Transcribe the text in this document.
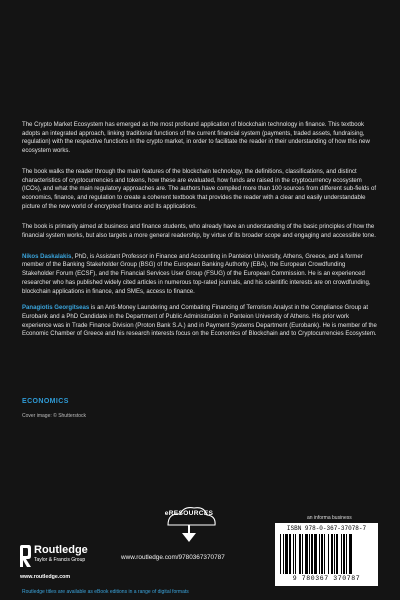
The Crypto Market Ecosystem has emerged as the most profound application of blockchain technology in finance. This textbook adopts an integrated approach, linking traditional functions of the current financial system (payments, traded assets, fundraising, regulation) with the respective functions in the crypto market, in order to facilitate the reader in their understanding of how this new ecosystem works.

The book walks the reader through the main features of the blockchain technology, the definitions, classifications, and distinct characteristics of cryptocurrencies and tokens, how these are evaluated, how funds are raised in the cryptocurrency ecosystem (ICOs), and what the main regulatory approaches are. The authors have compiled more than 100 sources from different sub-fields of economics, finance, and regulation to create a coherent textbook that provides the reader with a clear and easily understandable picture of the new world of encrypted finance and its applications.

The book is primarily aimed at business and finance students, who already have an understanding of the basic principles of how the financial system works, but also targets a more general readership, by virtue of its broader scope and engaging and accessible tone.

Nikos Daskalakis, PhD, is Assistant Professor in Finance and Accounting in Panteion University, Athens, Greece, and a former member of the Banking Stakeholder Group (BSG) of the European Banking Authority (EBA), the European Crowdfunding Stakeholder Forum (ECSF), and the Financial Services User Group (FSUG) of the European Commission. He is an experienced researcher who has published widely cited articles in numerous top-rated journals, and his scientific interests are on crowdfunding, blockchain applications in finance, and SMEs, access to finance.

Panagiotis Georgitseas is an Anti-Money Laundering and Combating Financing of Terrorism Analyst in the Compliance Group at Eurobank and a PhD Candidate in the Department of Public Administration in Panteion University of Athens. His prior work experience was in Trade Finance Division (Proton Bank S.A.) and in Payment Systems Department (Eurobank). He is member of the Economic Chamber of Greece and his research interests focus on the Economics of Blockchain and to Cryptocurrencies Ecosystem.

ECONOMICS
Cover image: © Shutterstock
eRESOURCES
www.routledge.com/9780367370787
Routledge
Taylor & Francis Group
www.routledge.com
an informa business
ISBN 978-0-367-37078-7
9 780367 370787
Routledge titles are available as eBook editions in a range of digital formats
